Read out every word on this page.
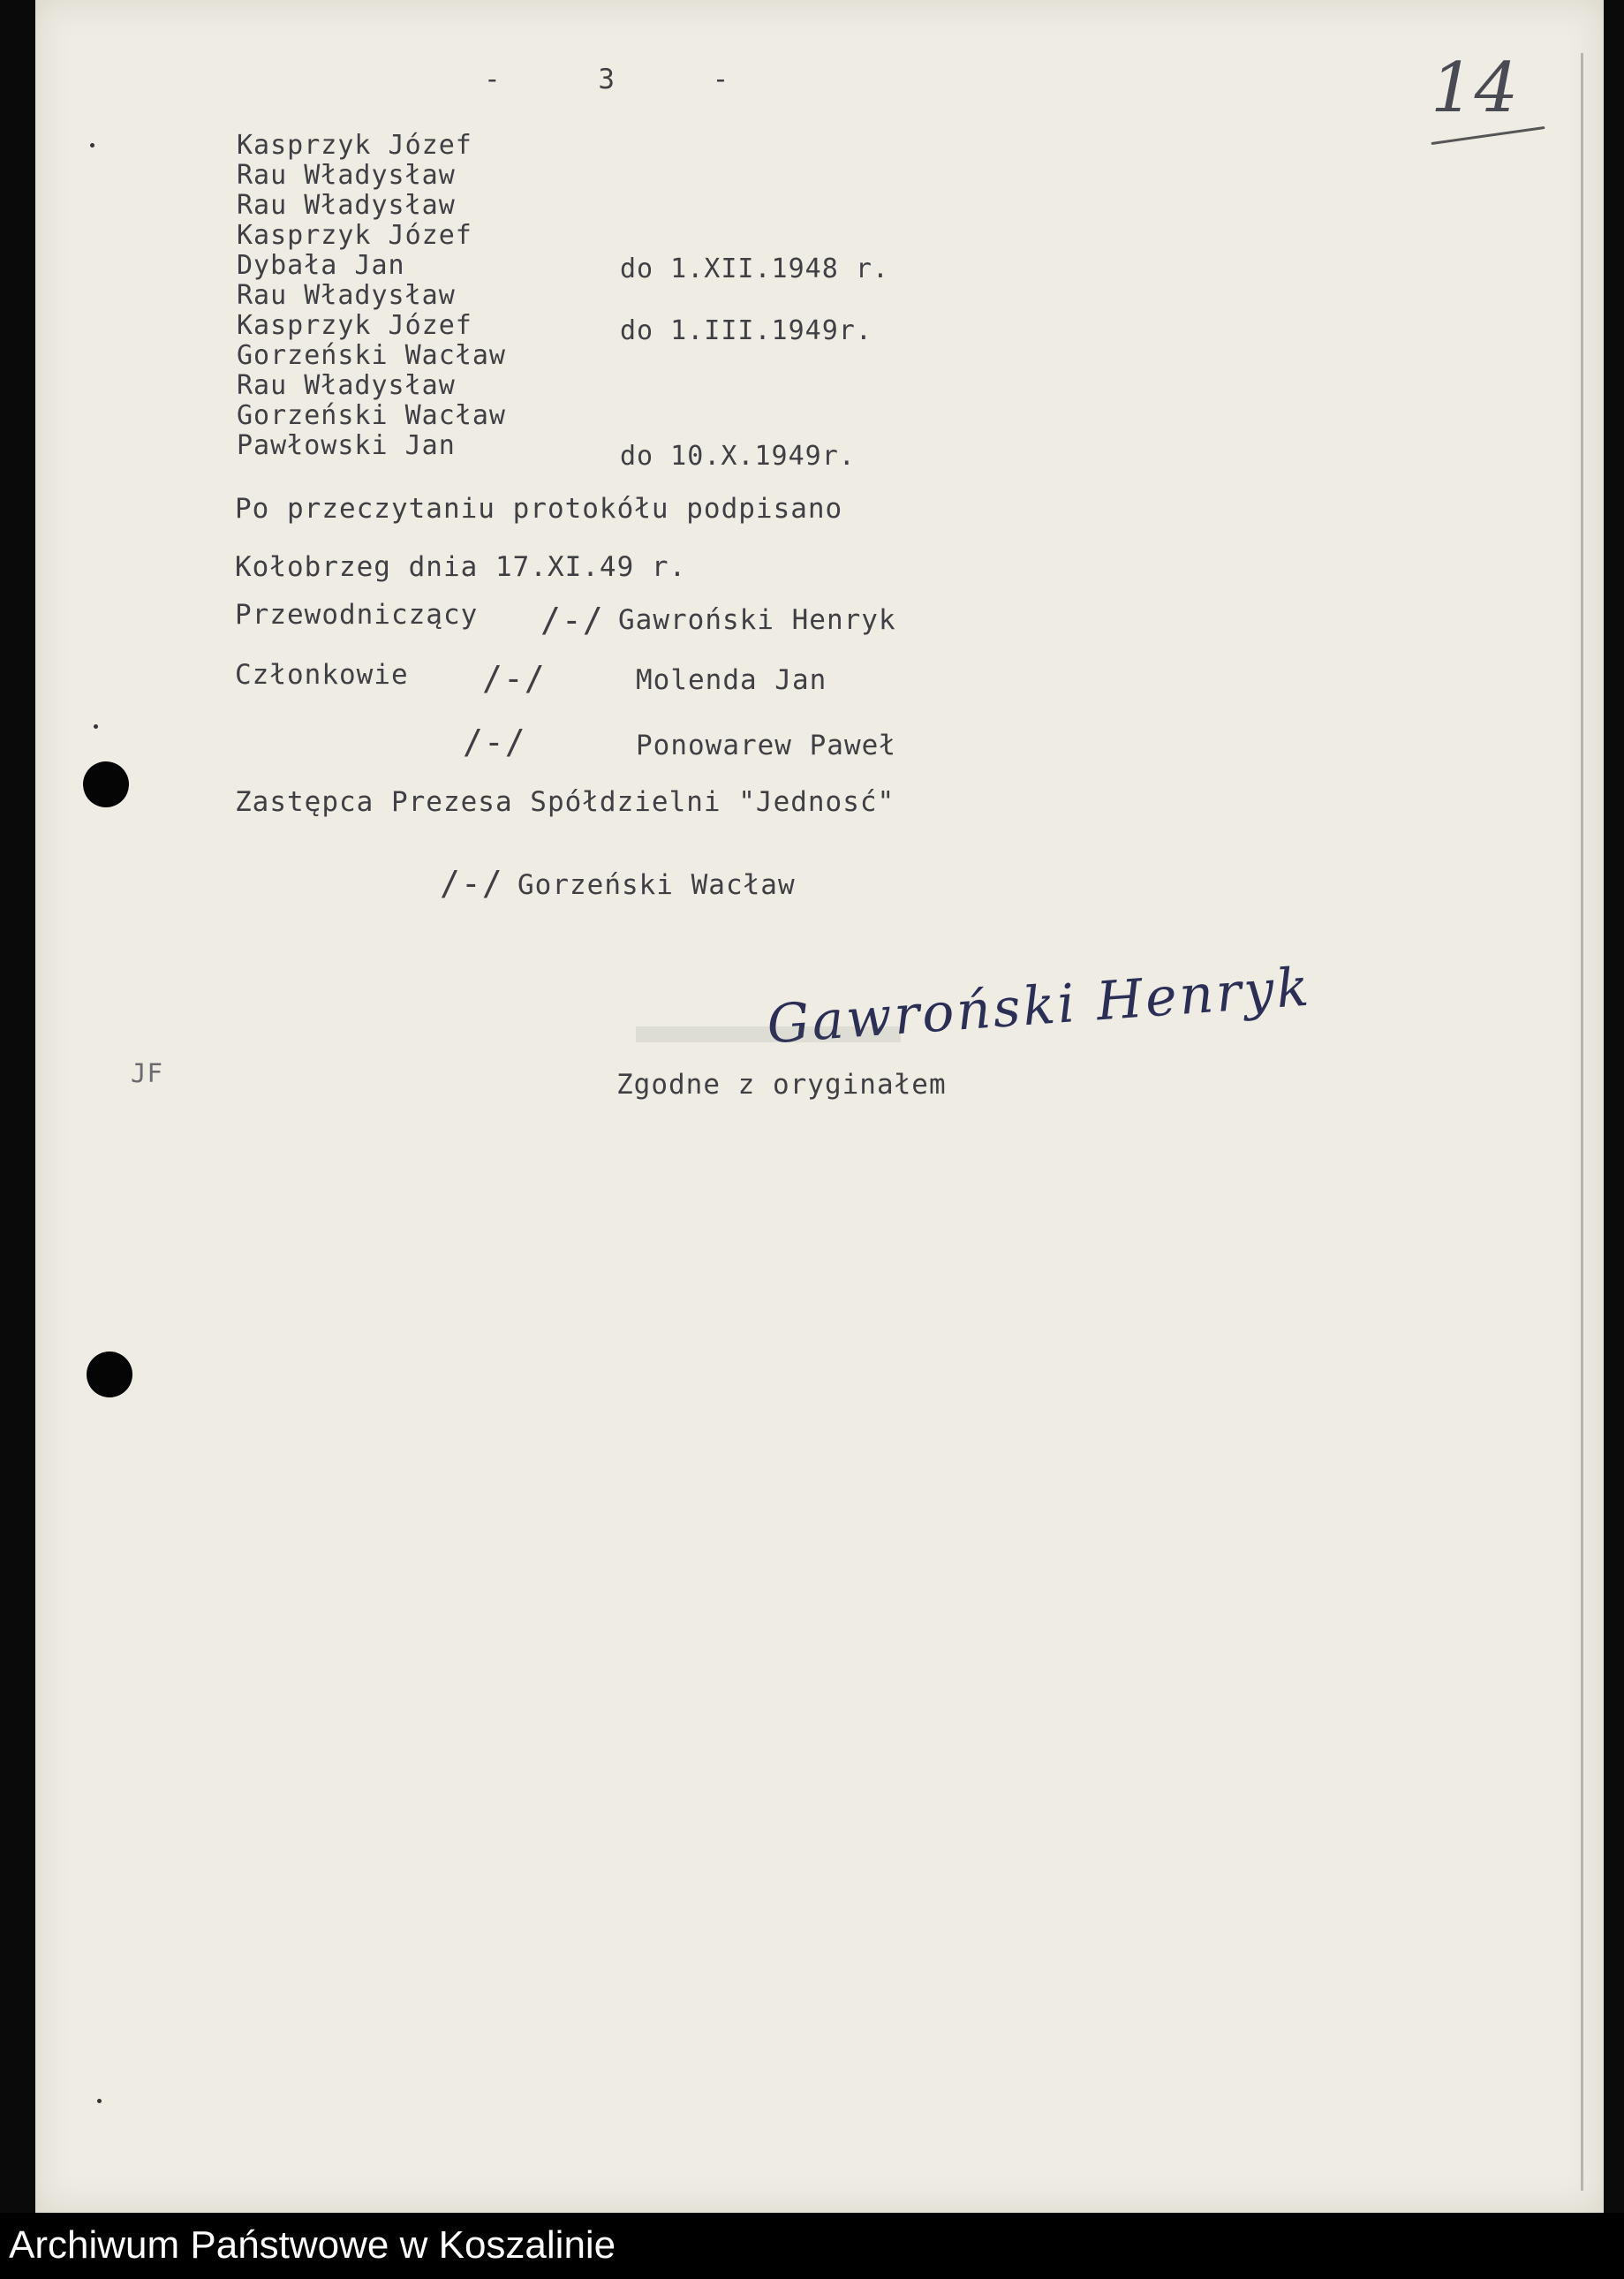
- 3 -	14
Kasprzyk Józef
Rau Władysław
Rau Władysław
Kasprzyk Józef
Dybała Jan	do 1.XII.1948 r.
Rau Władysław
Kasprzyk Józef	do 1.III.1949r.
Gorzeński Wacław
Rau Władysław
Gorzeński Wacław
Pawłowski Jan	do 10.X.1949r.
Po przeczytaniu protokółu podpisano
Kołobrzeg dnia 17.XI.49 r.
Przewodniczący /-/ Gawroński Henryk
Członkowie /-/	Molenda Jan
/-/	Ponowarew Paweł
Zastępca Prezesa Spółdzielni "Jednosć"
/-/ Gorzeński Wacław
Gawroński Henryk
JF	Zgodne z oryginałem
Archiwum Państwowe w Koszalinie
